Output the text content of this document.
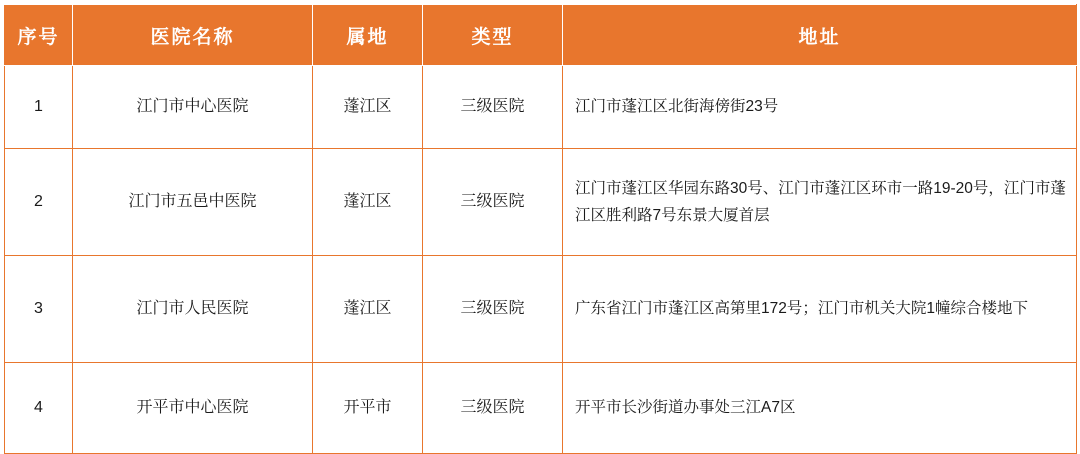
序号	医院名称	属地	类型	地址
1	江门市中心医院	蓬江区	三级医院	江门市蓬江区北街海傍街23号
2	江门市五邑中医院	蓬江区	三级医院	江门市蓬江区华园东路30号、江门市蓬江区环市一路19-20号，江门市蓬江区胜利路7号东景大厦首层
3	江门市人民医院	蓬江区	三级医院	广东省江门市蓬江区高第里172号；江门市机关大院1幢综合楼地下
4	开平市中心医院	开平市	三级医院	开平市长沙街道办事处三江A7区
